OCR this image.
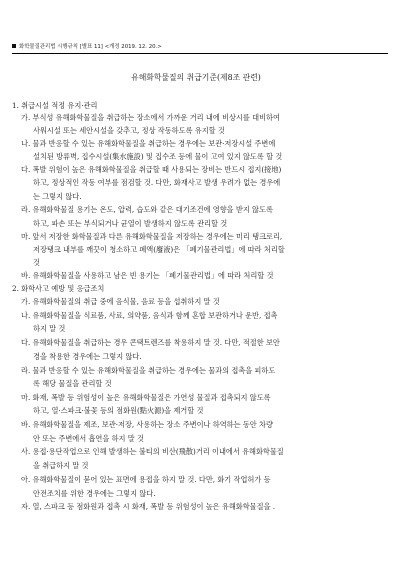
화학물질관리법 시행규칙 [별표 11] <개정 2019. 12. 20.>
유해화학물질의 취급기준(제8조 관련)
1. 취급시설 적정 유지·관리
가. 부식성 유해화학물질을 취급하는 장소에서 가까운 거리 내에 비상시를 대비하여
사워시설 또는 세안시설을 갖추고, 정상 작동하도록 유지할 것
나. 물과 반응할 수 있는 유해화학물질을 취급하는 경우에는 보관·저장시설 주변에
설치된 방류벽, 집수시설(集水施設) 및 집수조 등에 물이 고여 있지 않도록 할 것
다. 폭발 위험이 높은 유해화학물질을 취급할 때 사용되는 장비는 반드시 접지(接地)
하고, 정상적인 작동 여부를 점검할 것. 다만, 화재사고 발생 우려가 없는 경우에
는 그렇지 않다.
라. 유해화학물질 용기는 온도, 압력, 습도와 같은 대기조건에 영향을 받지 않도록
하고, 파손 또는 부식되거나 균열이 발생하지 않도록 관리할 것
마. 앞서 저장한 화학물질과 다른 유해화학물질을 저장하는 경우에는 미리 탱크로리,
저장탱크 내부를 깨끗이 청소하고 폐액(廢液)은 「폐기물관리법」에 따라 처리할
것
바. 유해화학물질을 사용하고 남은 빈 용기는 「폐기물관리법」에 따라 처리할 것
2. 화학사고 예방 및 응급조치
가. 유해화학물질의 취급 중에 음식물, 음료 등을 섭취하지 말 것
나. 유해화학물질을 식료품, 사료, 의약품, 음식과 함께 혼합 보관하거나 운반, 접촉
하지 말 것
다. 유해화학물질을 취급하는 경우 콘택트렌즈를 착용하지 말 것. 다만, 적절한 보안
경을 착용한 경우에는 그렇지 않다.
라. 물과 반응할 수 있는 유해화학물질을 취급하는 경우에는 물과의 접촉을 피하도
록 해당 물질을 관리할 것
마. 화재, 폭발 등 위험성이 높은 유해화학물질은 가연성 물질과 접촉되지 않도록
하고, 열·스파크·불꽃 등의 점화원(點火源)을 제거할 것
바. 유해화학물질을 제조, 보관·저장, 사용하는 장소 주변이나 하역하는 동안 차량
안 또는 주변에서 흡연을 하지 말 것
사. 용접·용단작업으로 인해 발생하는 불티의 비산(飛散)거리 이내에서 유해화학물질
을 취급하지 말 것
아. 유해화학물질이 묻어 있는 표면에 용접을 하지 말 것. 다만, 화기 작업허가 등
안전조치를 위한 경우에는 그렇지 않다.
자. 열, 스파크 등 점화원과 접촉 시 화재, 폭발 등 위험성이 높은 유해화학물질을 .
